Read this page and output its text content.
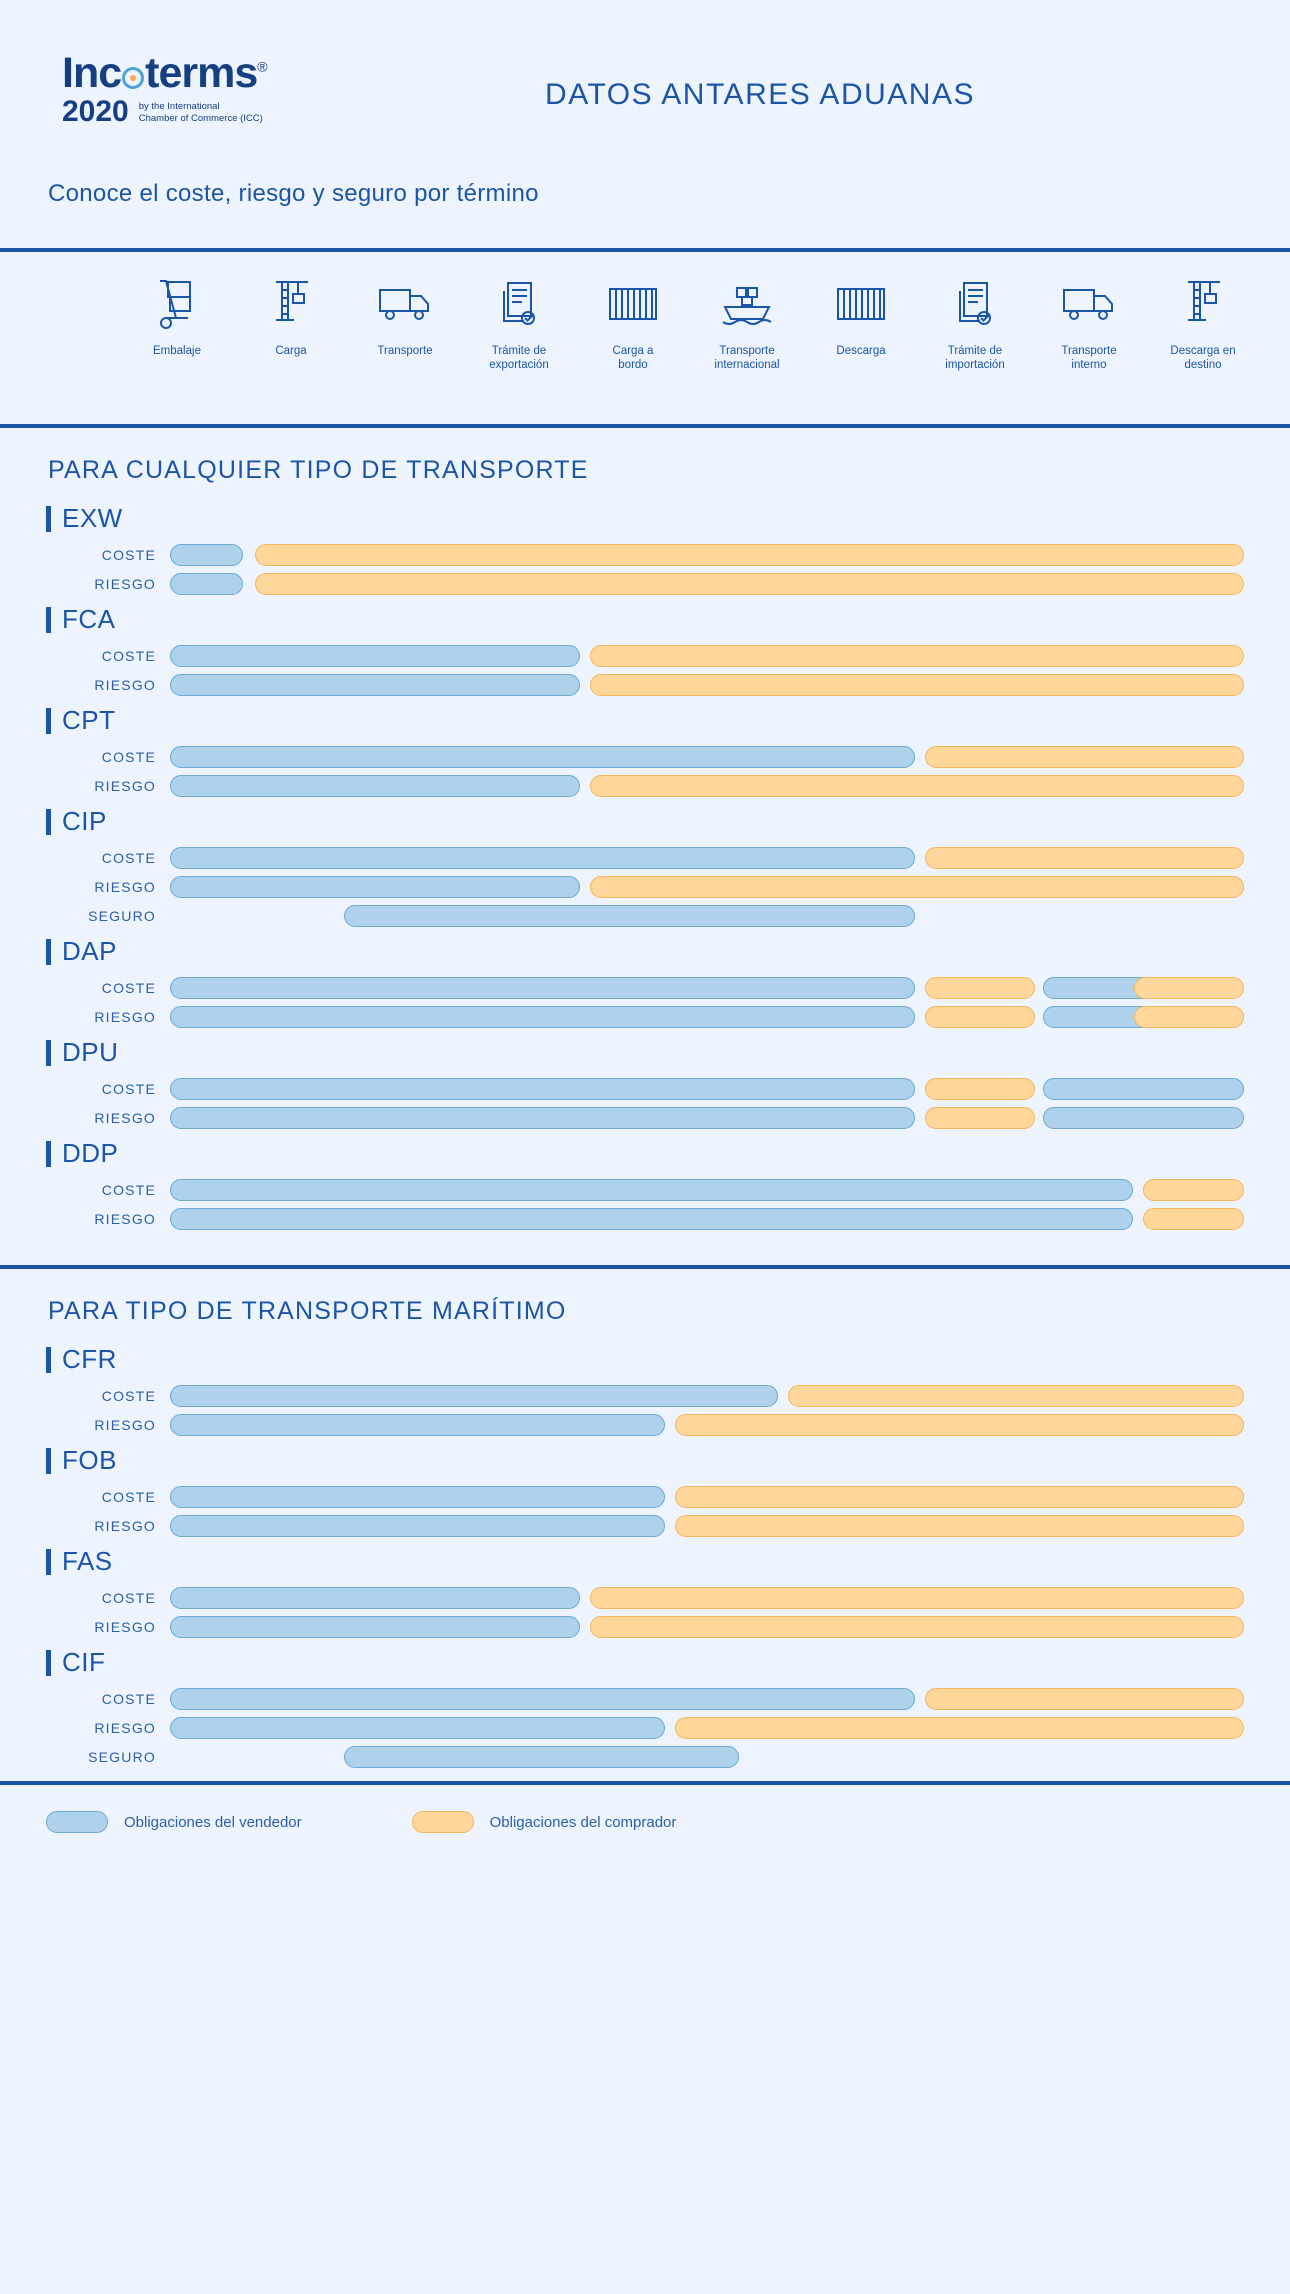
Inc terms®
2020 by the International
Chamber of Commerce (ICC)
DATOS ANTARES ADUANAS
Conoce el coste, riesgo y seguro por término
Embalaje	Carga	Transporte	Trámite de
exportación
Carga a
bordo
Transporte
internacional
Descarga	Trámite de
importación
Transporte
interno
Descarga en
destino
PARA CUALQUIER TIPO DE TRANSPORTE
EXW
COSTE
RIESGO
FCA
COSTE
RIESGO
CPT
COSTE
RIESGO
CIP
COSTE
RIESGO
SEGURO
DAP
COSTE
RIESGO
DPU
COSTE
RIESGO
DDP
COSTE
RIESGO
PARA TIPO DE TRANSPORTE MARÍTIMO
CFR
COSTE
RIESGO
FOB
COSTE
RIESGO
FAS
COSTE
RIESGO
CIF
COSTE
RIESGO
SEGURO
Obligaciones del vendedor	Obligaciones del comprador
